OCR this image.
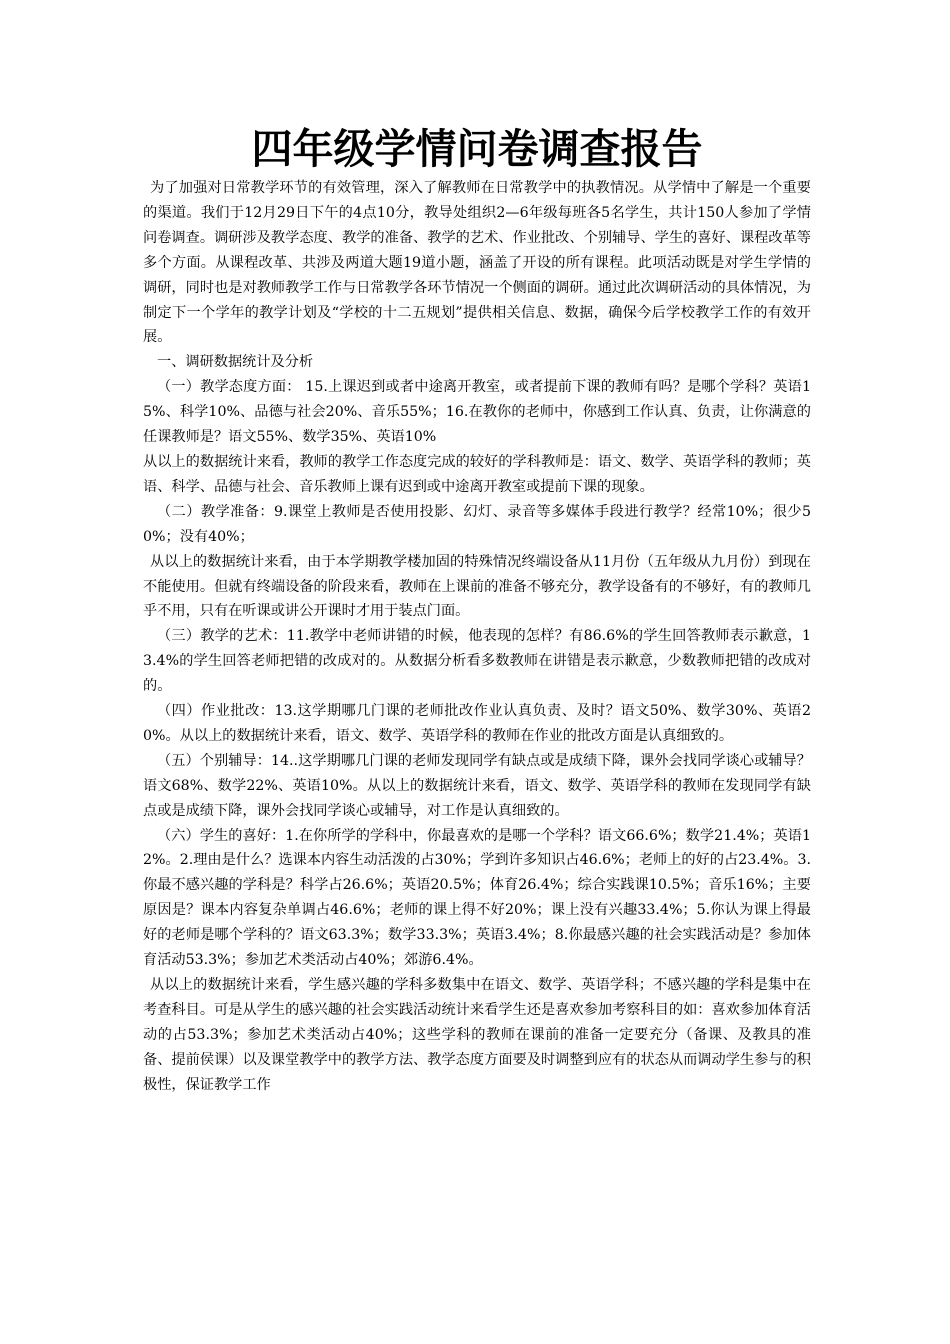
四年级学情问卷调查报告

为了加强对日常教学环节的有效管理，深入了解教师在日常教学中的执教情况。从学情中了解是一个重要的渠道。我们于12月29日下午的4点10分，教导处组织2—6年级每班各5名学生，共计150人参加了学情问卷调查。调研涉及教学态度、教学的准备、教学的艺术、作业批改、个别辅导、学生的喜好、课程改革等多个方面。从课程改革、共涉及两道大题19道小题，涵盖了开设的所有课程。此项活动既是对学生学情的调研，同时也是对教师教学工作与日常教学各环节情况一个侧面的调研。通过此次调研活动的具体情况，为制定下一个学年的教学计划及“学校的十二五规划”提供相关信息、数据，确保今后学校教学工作的有效开展。

一、调研数据统计及分析

（一）教学态度方面： 15.上课迟到或者中途离开教室，或者提前下课的教师有吗？是哪个学科？英语15%、科学10%、品德与社会20%、音乐55%；16.在教你的老师中，你感到工作认真、负责，让你满意的任课教师是？语文55%、数学35%、英语10%

从以上的数据统计来看，教师的教学工作态度完成的较好的学科教师是：语文、数学、英语学科的教师；英语、科学、品德与社会、音乐教师上课有迟到或中途离开教室或提前下课的现象。

（二）教学准备：9.课堂上教师是否使用投影、幻灯、录音等多媒体手段进行教学？经常10%；很少50%；没有40%；

从以上的数据统计来看，由于本学期教学楼加固的特殊情况终端设备从11月份（五年级从九月份）到现在不能使用。但就有终端设备的阶段来看，教师在上课前的准备不够充分，教学设备有的不够好，有的教师几乎不用，只有在听课或讲公开课时才用于装点门面。

（三）教学的艺术：11.教学中老师讲错的时候，他表现的怎样？有86.6%的学生回答教师表示歉意，13.4%的学生回答老师把错的改成对的。从数据分析看多数教师在讲错是表示歉意，少数教师把错的改成对的。

（四）作业批改：13.这学期哪几门课的老师批改作业认真负责、及时？语文50%、数学30%、英语20%。从以上的数据统计来看，语文、数学、英语学科的教师在作业的批改方面是认真细致的。

（五）个别辅导：14..这学期哪几门课的老师发现同学有缺点或是成绩下降，课外会找同学谈心或辅导？语文68%、数学22%、英语10%。从以上的数据统计来看，语文、数学、英语学科的教师在发现同学有缺点或是成绩下降，课外会找同学谈心或辅导，对工作是认真细致的。

（六）学生的喜好：1.在你所学的学科中，你最喜欢的是哪一个学科？语文66.6%；数学21.4%；英语12%。2.理由是什么？选课本内容生动活泼的占30%；学到许多知识占46.6%；老师上的好的占23.4%。3.你最不感兴趣的学科是？科学占26.6%；英语20.5%；体育26.4%；综合实践课10.5%；音乐16%；主要原因是？课本内容复杂单调占46.6%；老师的课上得不好20%；课上没有兴趣33.4%；5.你认为课上得最好的老师是哪个学科的？语文63.3%；数学33.3%；英语3.4%；8.你最感兴趣的社会实践活动是？参加体育活动53.3%；参加艺术类活动占40%；郊游6.4%。

从以上的数据统计来看，学生感兴趣的学科多数集中在语文、数学、英语学科；不感兴趣的学科是集中在考查科目。可是从学生的感兴趣的社会实践活动统计来看学生还是喜欢参加考察科目的如：喜欢参加体育活动的占53.3%；参加艺术类活动占40%；这些学科的教师在课前的准备一定要充分（备课、及教具的准备、提前侯课）以及课堂教学中的教学方法、教学态度方面要及时调整到应有的状态从而调动学生参与的积极性，保证教学工作
